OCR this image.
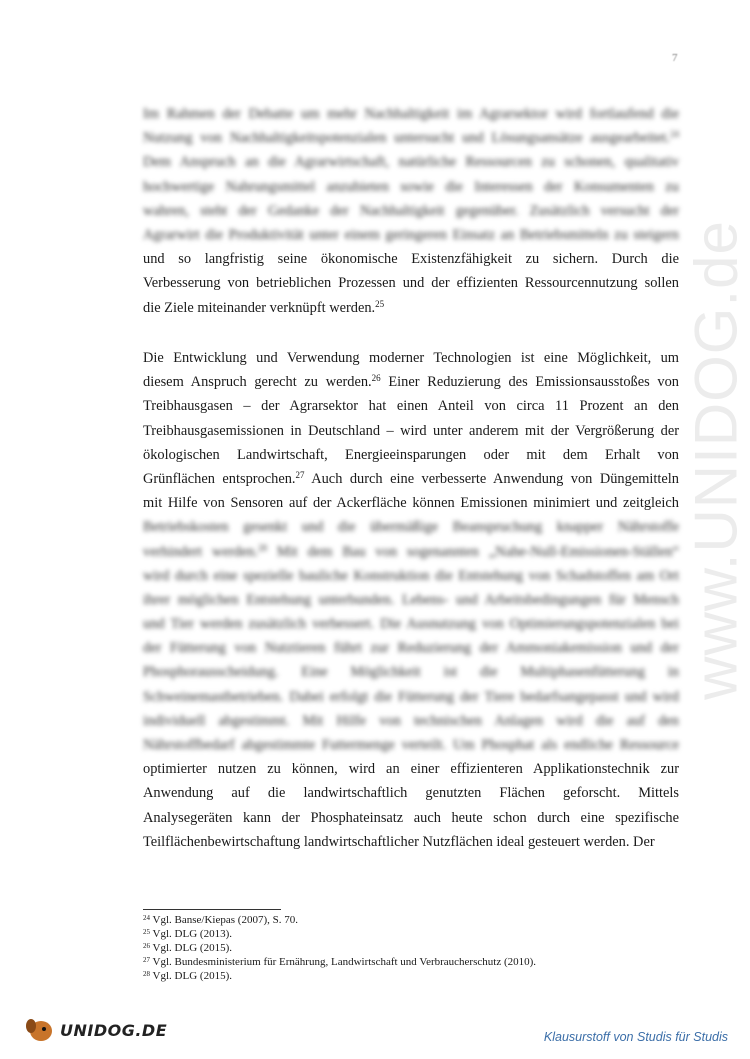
7
www.UNIDOG.de
Im Rahmen der Debatte um mehr Nachhaltigkeit im Agrarsektor wird fortlaufend die
Nutzung von Nachhaltigkeitspotenzialen untersucht und Lösungsansätze ausgearbeitet.$^{24}$
Dem Anspruch an die Agrarwirtschaft, natürliche Ressourcen zu schonen, qualitativ
hochwertige Nahrungsmittel anzubieten sowie die Interessen der Konsumenten zu
wahren, steht der Gedanke der Nachhaltigkeit gegenüber. Zusätzlich versucht der
Agrarwirt die Produktivität unter einem geringeren Einsatz an Betriebsmitteln zu steigern
und so langfristig seine ökonomische Existenzfähigkeit zu sichern. Durch die
Verbesserung von betrieblichen Prozessen und der effizienten Ressourcennutzung sollen
die Ziele miteinander verknüpft werden.$^{25}$
Die Entwicklung und Verwendung moderner Technologien ist eine Möglichkeit, um
diesem Anspruch gerecht zu werden.$^{26}$ Einer Reduzierung des Emissionsausstoßes von
Treibhausgasen – der Agrarsektor hat einen Anteil von circa 11 Prozent an den
Treibhausgasemissionen in Deutschland – wird unter anderem mit der Vergrößerung der
ökologischen Landwirtschaft, Energieeinsparungen oder mit dem Erhalt von
Grünflächen entsprochen.$^{27}$ Auch durch eine verbesserte Anwendung von Düngemitteln
mit Hilfe von Sensoren auf der Ackerfläche können Emissionen minimiert und zeitgleich
Betriebskosten gesenkt und die übermäßige Beanspruchung knapper Nährstoffe
verhindert werden.$^{28}$ Mit dem Bau von sogenannten „Nahe-Null-Emissionen-Ställen“
wird durch eine spezielle bauliche Konstruktion die Entstehung von Schadstoffen am Ort
ihrer möglichen Entstehung unterbunden. Lebens- und Arbeitsbedingungen für Mensch
und Tier werden zusätzlich verbessert. Die Ausnutzung von Optimierungspotenzialen bei
der Fütterung von Nutztieren führt zur Reduzierung der Ammoniakemission und der
Phosphorausscheidung. Eine Möglichkeit ist die Multiphasenfütterung in
Schweinemastbetrieben. Dabei erfolgt die Fütterung der Tiere bedarfsangepasst und wird
individuell abgestimmt. Mit Hilfe von technischen Anlagen wird die auf den
Nährstoffbedarf abgestimmte Futtermenge verteilt. Um Phosphat als endliche Ressource
optimierter nutzen zu können, wird an einer effizienteren Applikationstechnik zur
Anwendung auf die landwirtschaftlich genutzten Flächen geforscht. Mittels
Analysegeräten kann der Phosphateinsatz auch heute schon durch eine spezifische
Teilflächenbewirtschaftung landwirtschaftlicher Nutzflächen ideal gesteuert werden. Der
$^{24}$ Vgl. Banse/Kiepas (2007), S. 70.
$^{25}$ Vgl. DLG (2013).
$^{26}$ Vgl. DLG (2015).
$^{27}$ Vgl. Bundesministerium für Ernährung, Landwirtschaft und Verbraucherschutz (2010).
$^{28}$ Vgl. DLG (2015).
UNIDOG.DE	Klausurstoff von Studis für Studis
